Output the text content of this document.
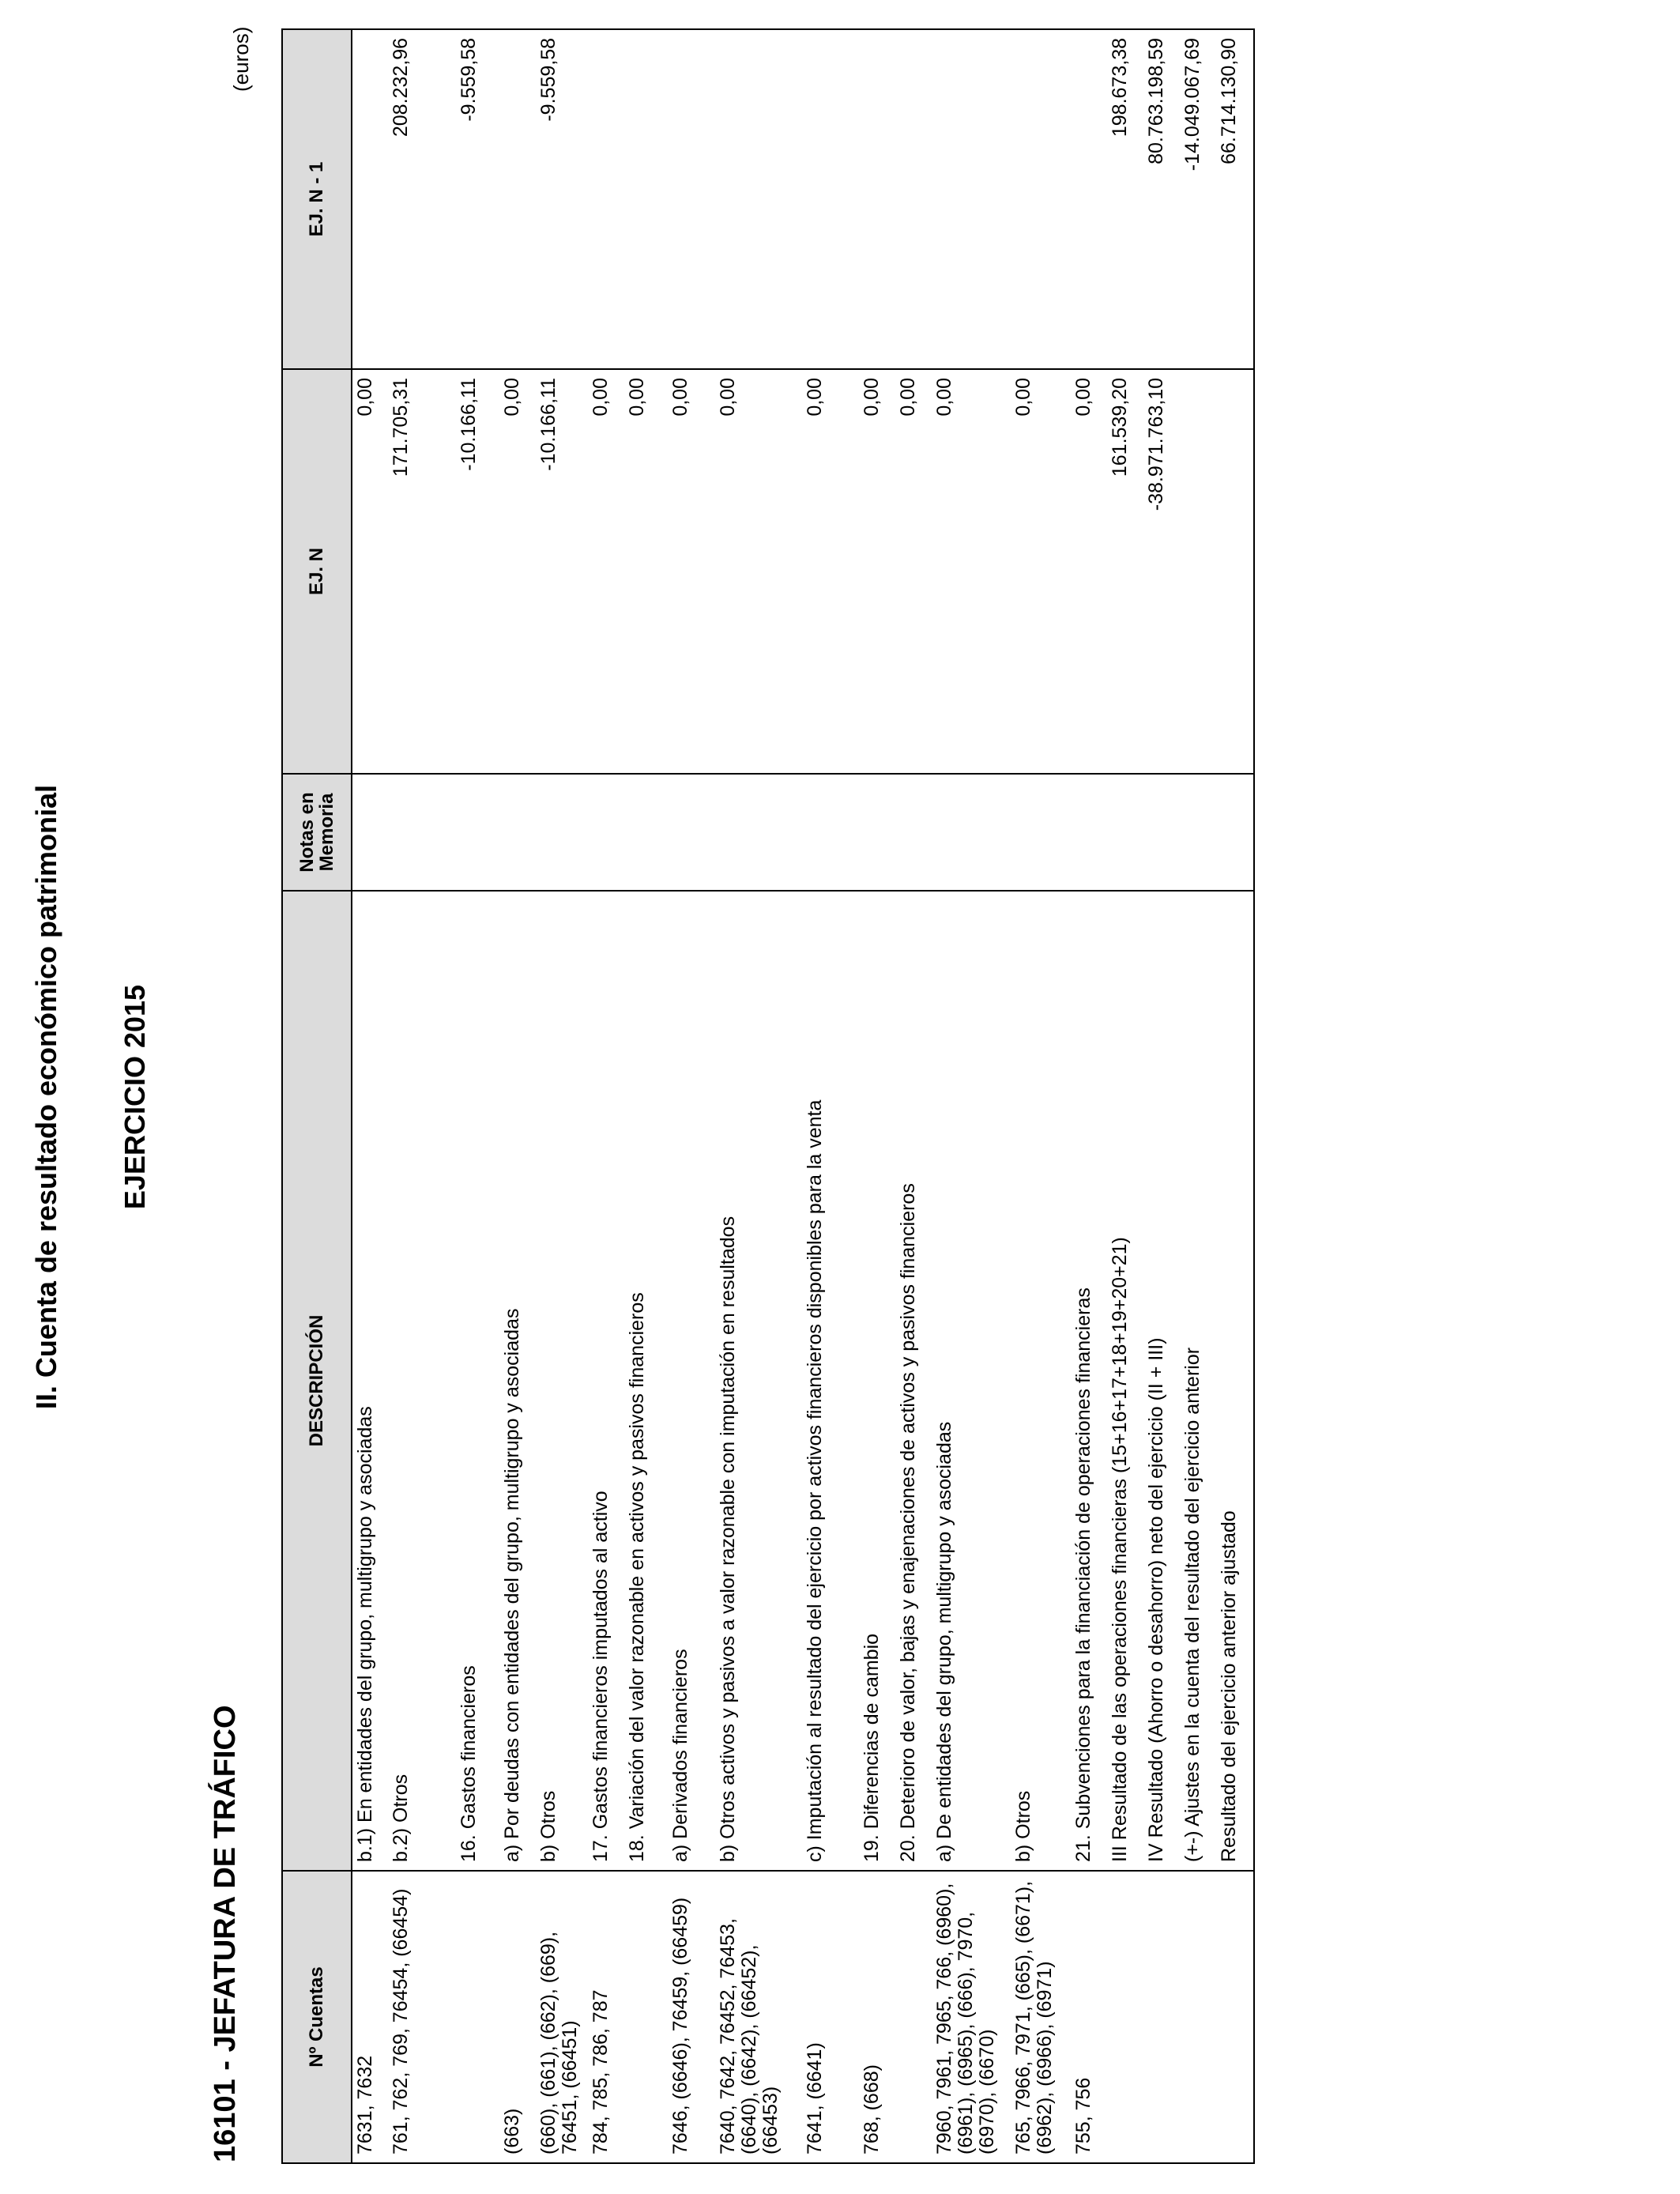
II. Cuenta de resultado económico patrimonial EJERCICIO 2015
16101 - JEFATURA DE TRÁFICO
(euros)
Nº Cuentas	DESCRIPCIÓN	Notas en Memoria	EJ. N	EJ. N - 1
7631, 7632	b.1) En entidades del grupo, multigrupo y asociadas		0,00	
761, 762, 769, 76454, (66454)	b.2) Otros		171.705,31	208.232,96
	16. Gastos financieros		-10.166,11	-9.559,58
(663)	a) Por deudas con entidades del grupo, multigrupo y asociadas		0,00	
(660), (661), (662), (669), 76451, (66451)	b) Otros		-10.166,11	-9.559,58
784, 785, 786, 787	17. Gastos financieros imputados al activo		0,00	
	18. Variación del valor razonable en activos y pasivos financieros		0,00	
7646, (6646), 76459, (66459)	a) Derivados financieros		0,00	
7640, 7642, 76452, 76453, (6640), (6642), (66452), (66453)	b) Otros activos y pasivos a valor razonable con imputación en resultados		0,00	
7641, (6641)	c) Imputación al resultado del ejercicio por activos financieros disponibles para la venta		0,00	
768, (668)	19. Diferencias de cambio		0,00	
	20. Deterioro de valor, bajas y enajenaciones de activos y pasivos financieros		0,00	
7960, 7961, 7965, 766, (6960), (6961), (6965), (666), 7970, (6970), (6670)	a) De entidades del grupo, multigrupo y asociadas		0,00	
765, 7966, 7971, (665), (6671), (6962), (6966), (6971)	b) Otros		0,00	
755, 756	21. Subvenciones para la financiación de operaciones financieras		0,00	
	III Resultado de las operaciones financieras (15+16+17+18+19+20+21)		161.539,20	198.673,38
	IV Resultado (Ahorro o desahorro) neto del ejercicio (II + III)		-38.971.763,10	80.763.198,59
	(+-) Ajustes en la cuenta del resultado del ejercicio anterior			-14.049.067,69
	Resultado del ejercicio anterior ajustado			66.714.130,90
